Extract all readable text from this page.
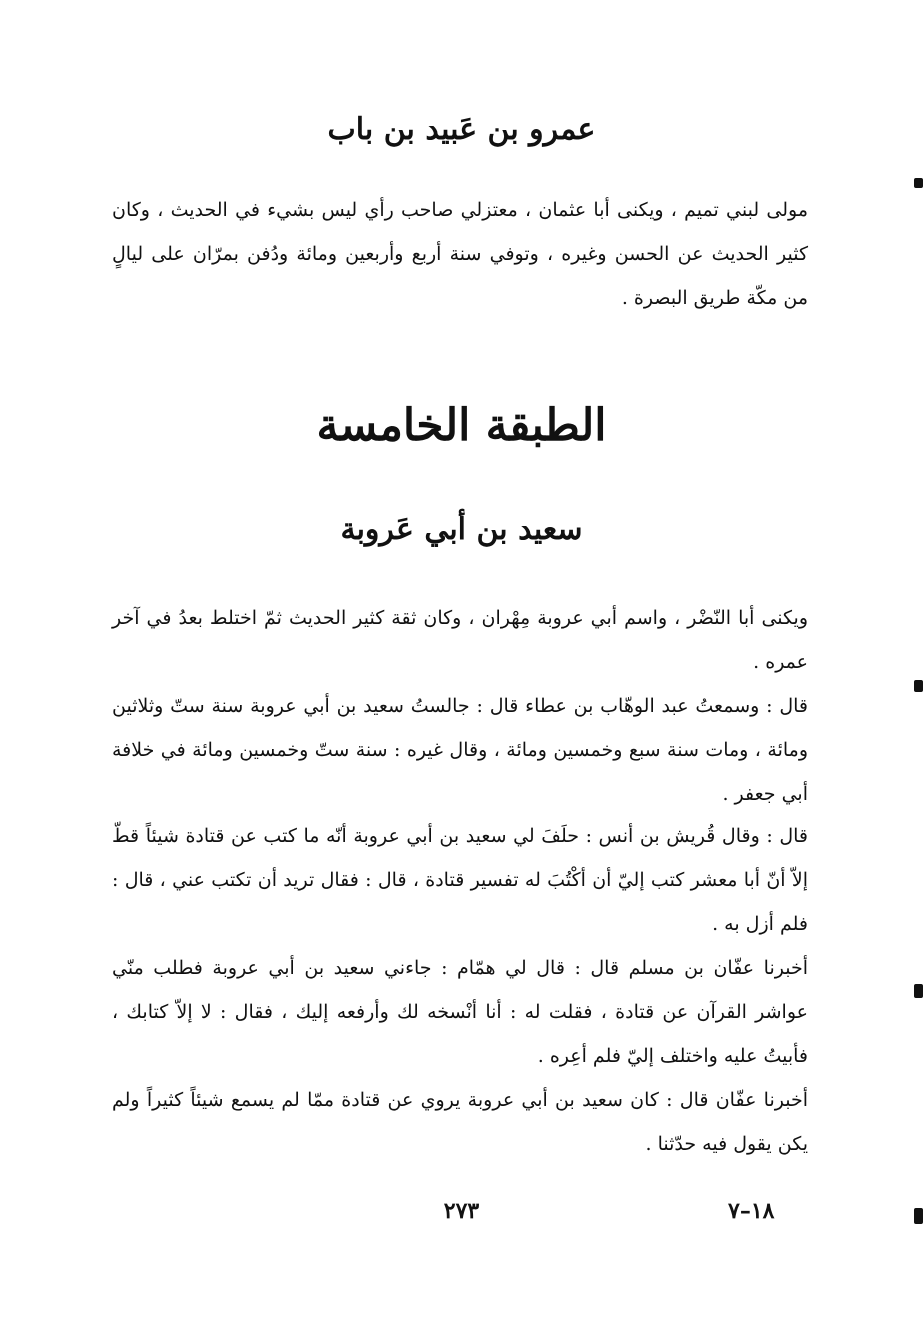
عمرو بن عَبيد بن باب

مولى لبني تميم ، ويكنى أبا عثمان ، معتزلي صاحب رأي ليس بشيء في الحديث ، وكان كثير الحديث عن الحسن وغيره ، وتوفي سنة أربع وأربعين ومائة ودُفن بمرّان على ليالٍ من مكّة طريق البصرة .

الطبقة الخامسة
سعيد بن أبي عَروبة

ويكنى أبا النّضْر ، واسم أبي عروبة مِهْران ، وكان ثقة كثير الحديث ثمّ اختلط بعدُ في آخر عمره .

قال : وسمعتُ عبد الوهّاب بن عطاء قال : جالستُ سعيد بن أبي عروبة سنة ستّ وثلاثين ومائة ، ومات سنة سبع وخمسين ومائة ، وقال غيره : سنة ستّ وخمسين ومائة في خلافة أبي جعفر .

قال : وقال قُريش بن أنس : حلَفَ لي سعيد بن أبي عروبة أنّه ما كتب عن قتادة شيئاً قطّ إلاّ أنّ أبا معشر كتب إليّ أن أكْتُبَ له تفسير قتادة ، قال : فقال تريد أن تكتب عني ، قال : فلم أزل به .

أخبرنا عفّان بن مسلم قال : قال لي همّام : جاءني سعيد بن أبي عروبة فطلب منّي عواشر القرآن عن قتادة ، فقلت له : أنا أنْسخه لك وأرفعه إليك ، فقال : لا إلاّ كتابك ، فأبيتُ عليه واختلف إليّ فلم أعِره .

أخبرنا عفّان قال : كان سعيد بن أبي عروبة يروي عن قتادة ممّا لم يسمع شيئاً كثيراً ولم يكن يقول فيه حدّثنا .

٢٧٣	١٨–٧
